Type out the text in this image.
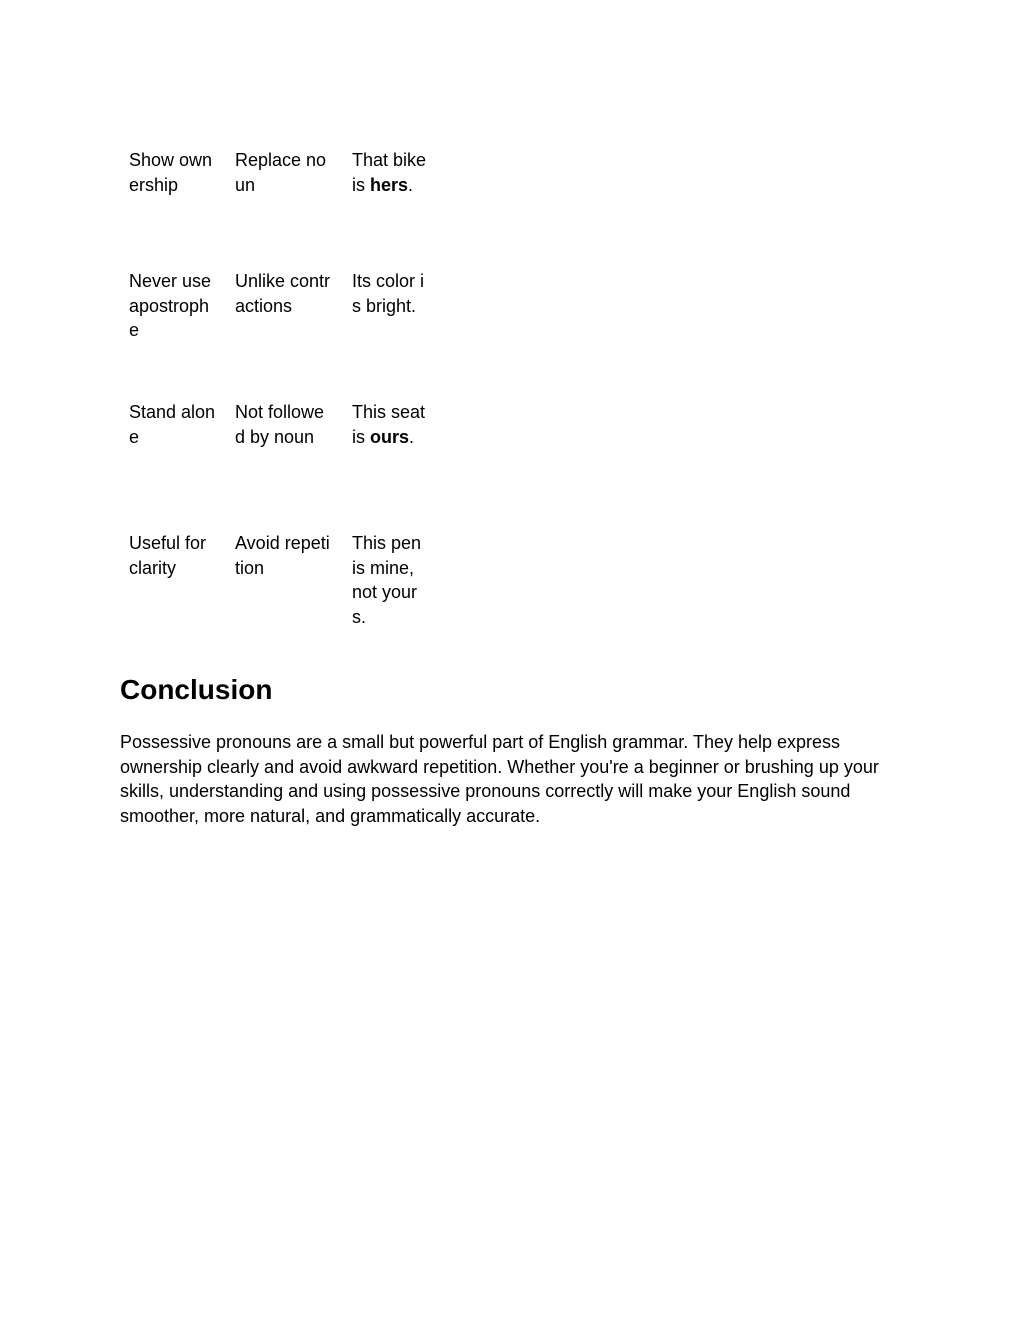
Show ownership	Replace noun	That bike is hers.

Never use apostrophe	Unlike contractions	Its color is bright.

Stand alone	Not followed by noun	This seat is ours.

Useful for clarity	Avoid repetition	This pen is mine, not yours.
Conclusion

Possessive pronouns are a small but powerful part of English grammar. They help express ownership clearly and avoid awkward repetition. Whether you're a beginner or brushing up your skills, understanding and using possessive pronouns correctly will make your English sound smoother, more natural, and grammatically accurate.
